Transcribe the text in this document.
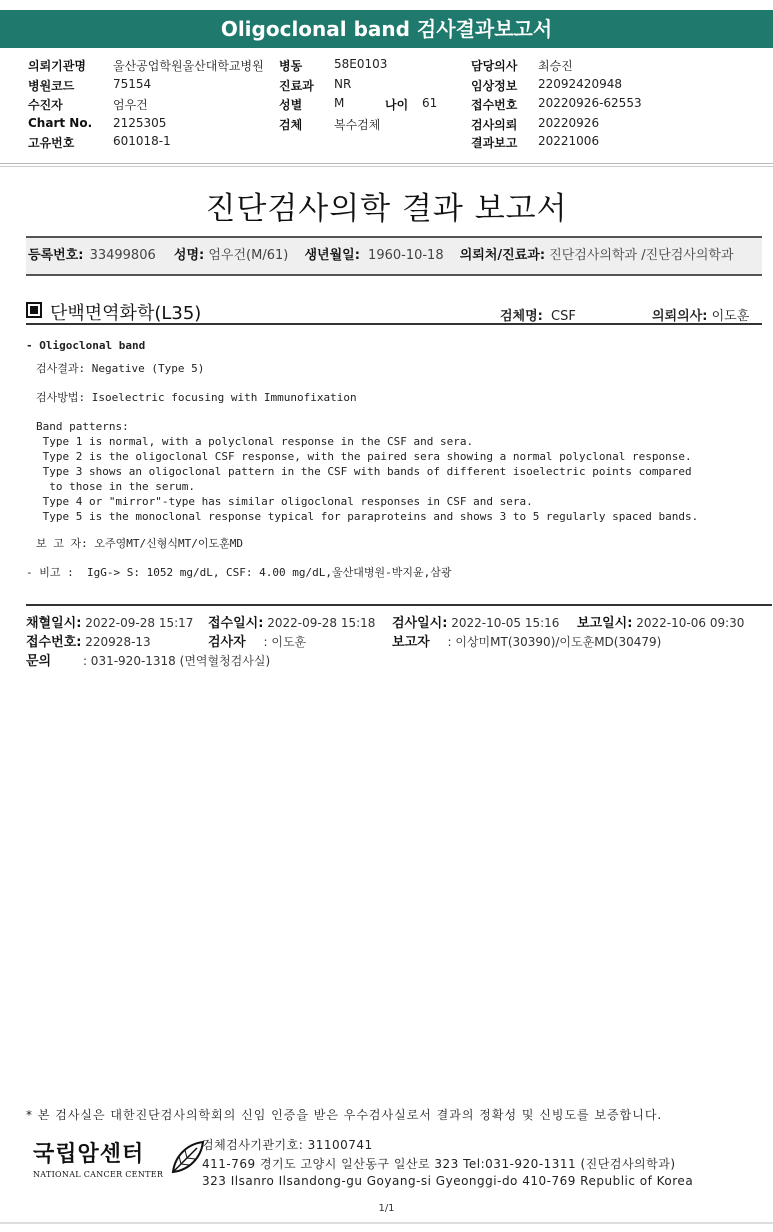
Oligoclonal band 검사결과보고서
의뢰기관명 울산공업학원울산대학교병원
병원코드	75154
수진자	엄우건
Chart No. 2125305
고유번호	601018-1
병동	58E0103
진료과 NR
성별	M	나이 61
검체	복수검체
담당의사 최승진
임상정보 22092420948
접수번호 20220926-62553
검사의뢰 20220926
결과보고 20221006
진단검사의학 결과 보고서
등록번호: 33499806 성명: 엄우건(M/61) 생년월일: 1960-10-18 의뢰처/진료과: 진단검사의학과 /진단검사의학과
단백면역화학(L35)	검체명: CSF	의뢰의사: 이도훈
- Oligoclonal band
검사결과: Negative (Type 5)
검사방법: Isoelectric focusing with Immunofixation
Band patterns:
Type 1 is normal, with a polyclonal response in the CSF and sera.
Type 2 is the oligoclonal CSF response, with the paired sera showing a normal polyclonal response.
Type 3 shows an oligoclonal pattern in the CSF with bands of different isoelectric points compared
to those in the serum.
Type 4 or "mirror"-type has similar oligoclonal responses in CSF and sera.
Type 5 is the monoclonal response typical for paraproteins and shows 3 to 5 regularly spaced bands.
보 고 자: 오주영MT/신형식MT/이도훈MD
- 비고 :  IgG-> S: 1052 mg/dL, CSF: 4.00 mg/dL,울산대병원-박지윤,삼광
채혈일시: 2022-09-28 15:17 접수일시: 2022-09-28 15:18 검사일시: 2022-10-05 15:16 보고일시: 2022-10-06 09:30
접수번호: 220928-13	검사자 : 이도훈	보고자 : 이상미MT(30390)/이도훈MD(30479)
문의	: 031-920-1318 (면역혈청검사실)
* 본 검사실은 대한진단검사의학회의 신임 인증을 받은 우수검사실로서 결과의 정확성 및 신빙도를 보증합니다.
국립암센터
NATIONAL CANCER CENTER
검체검사기관기호: 31100741
411-769 경기도 고양시 일산동구 일산로 323 Tel:031-920-1311 (진단검사의학과)
323 Ilsanro Ilsandong-gu Goyang-si Gyeonggi-do 410-769 Republic of Korea
1/1
